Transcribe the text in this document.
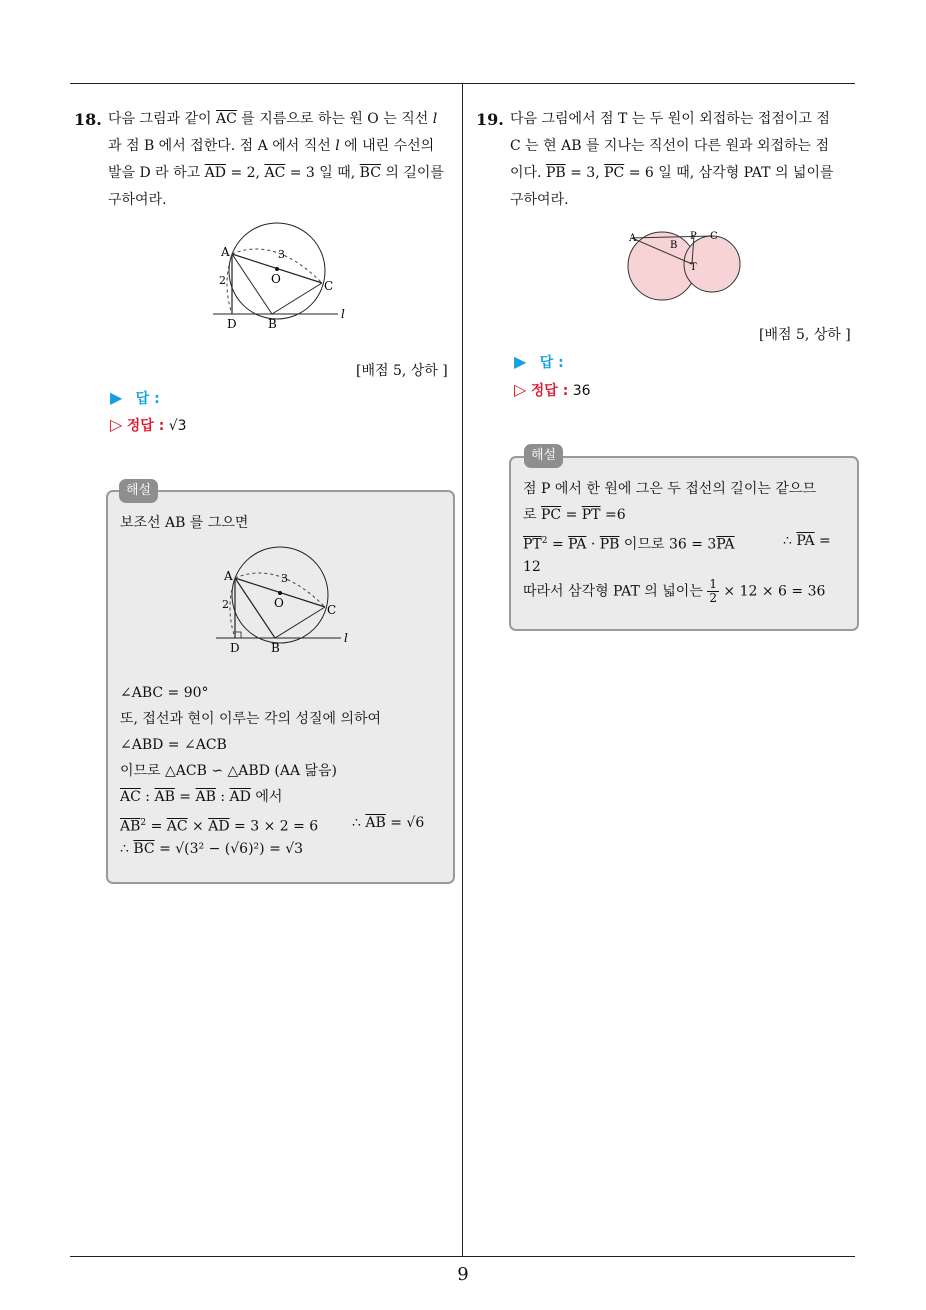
18. 다음 그림과 같이 $\overline{AC}$ 를 지름으로 하는 원 O 는 직선 l
과 점 B 에서 접한다. 점 A 에서 직선 l 에 내린 수선의
발을 D 라 하고 $\overline{AD} = 2$, $\overline{AC} = 3$ 일 때, $\overline{BC}$ 의 길이를
구하여라.
A
O	C
D	B
l
3
2
[배점 5, 상하 ]
▶ 답 :
▷ 정답 : √3
보조선 AB 를 그으면
A
O	C
D	B
l
3
2
∠ABC = 90°
또, 접선과 현이 이루는 각의 성질에 의하여
∠ABD = ∠ACB
이므로 △ACB ∽ △ABD (AA 닮음)
$\overline{AC}$ : $\overline{AB} = \overline{AB}$ : $\overline{AD}$ 에서
$\overline{AB}^2 = \overline{AC} \times \overline{AD} = 3 \times 2 = 6$ ∴ $\overline{AB} = √6$
∴ $\overline{BC} = √(3^2 - (√6)^2) = √3$
해설
19. 다음 그림에서 점 T 는 두 원이 외접하는 접점이고 점
C 는 현 AB 를 지나는 직선이 다른 원과 외접하는 점
이다. $\overline{PB} = 3$, $\overline{PC} = 6$ 일 때, 삼각형 PAT 의 넓이를
구하여라.
A
B
P C
T
[배점 5, 상하 ]
▶ 답 :
▷ 정답 : 36
점 P 에서 한 원에 그은 두 접선의 길이는 같으므
로 $\overline{PC} = \overline{PT} =6$
$\overline{PT}^2 = \overline{PA} \cdot \overline{PB}$ 이므로 $36 = 3\overline{PA}$	∴ $\overline{PA}$ =
12
따라서 삼각형 PAT 의 넓이는 $\frac{1}{2} \times 12 \times 6 = 36$
해설
9
